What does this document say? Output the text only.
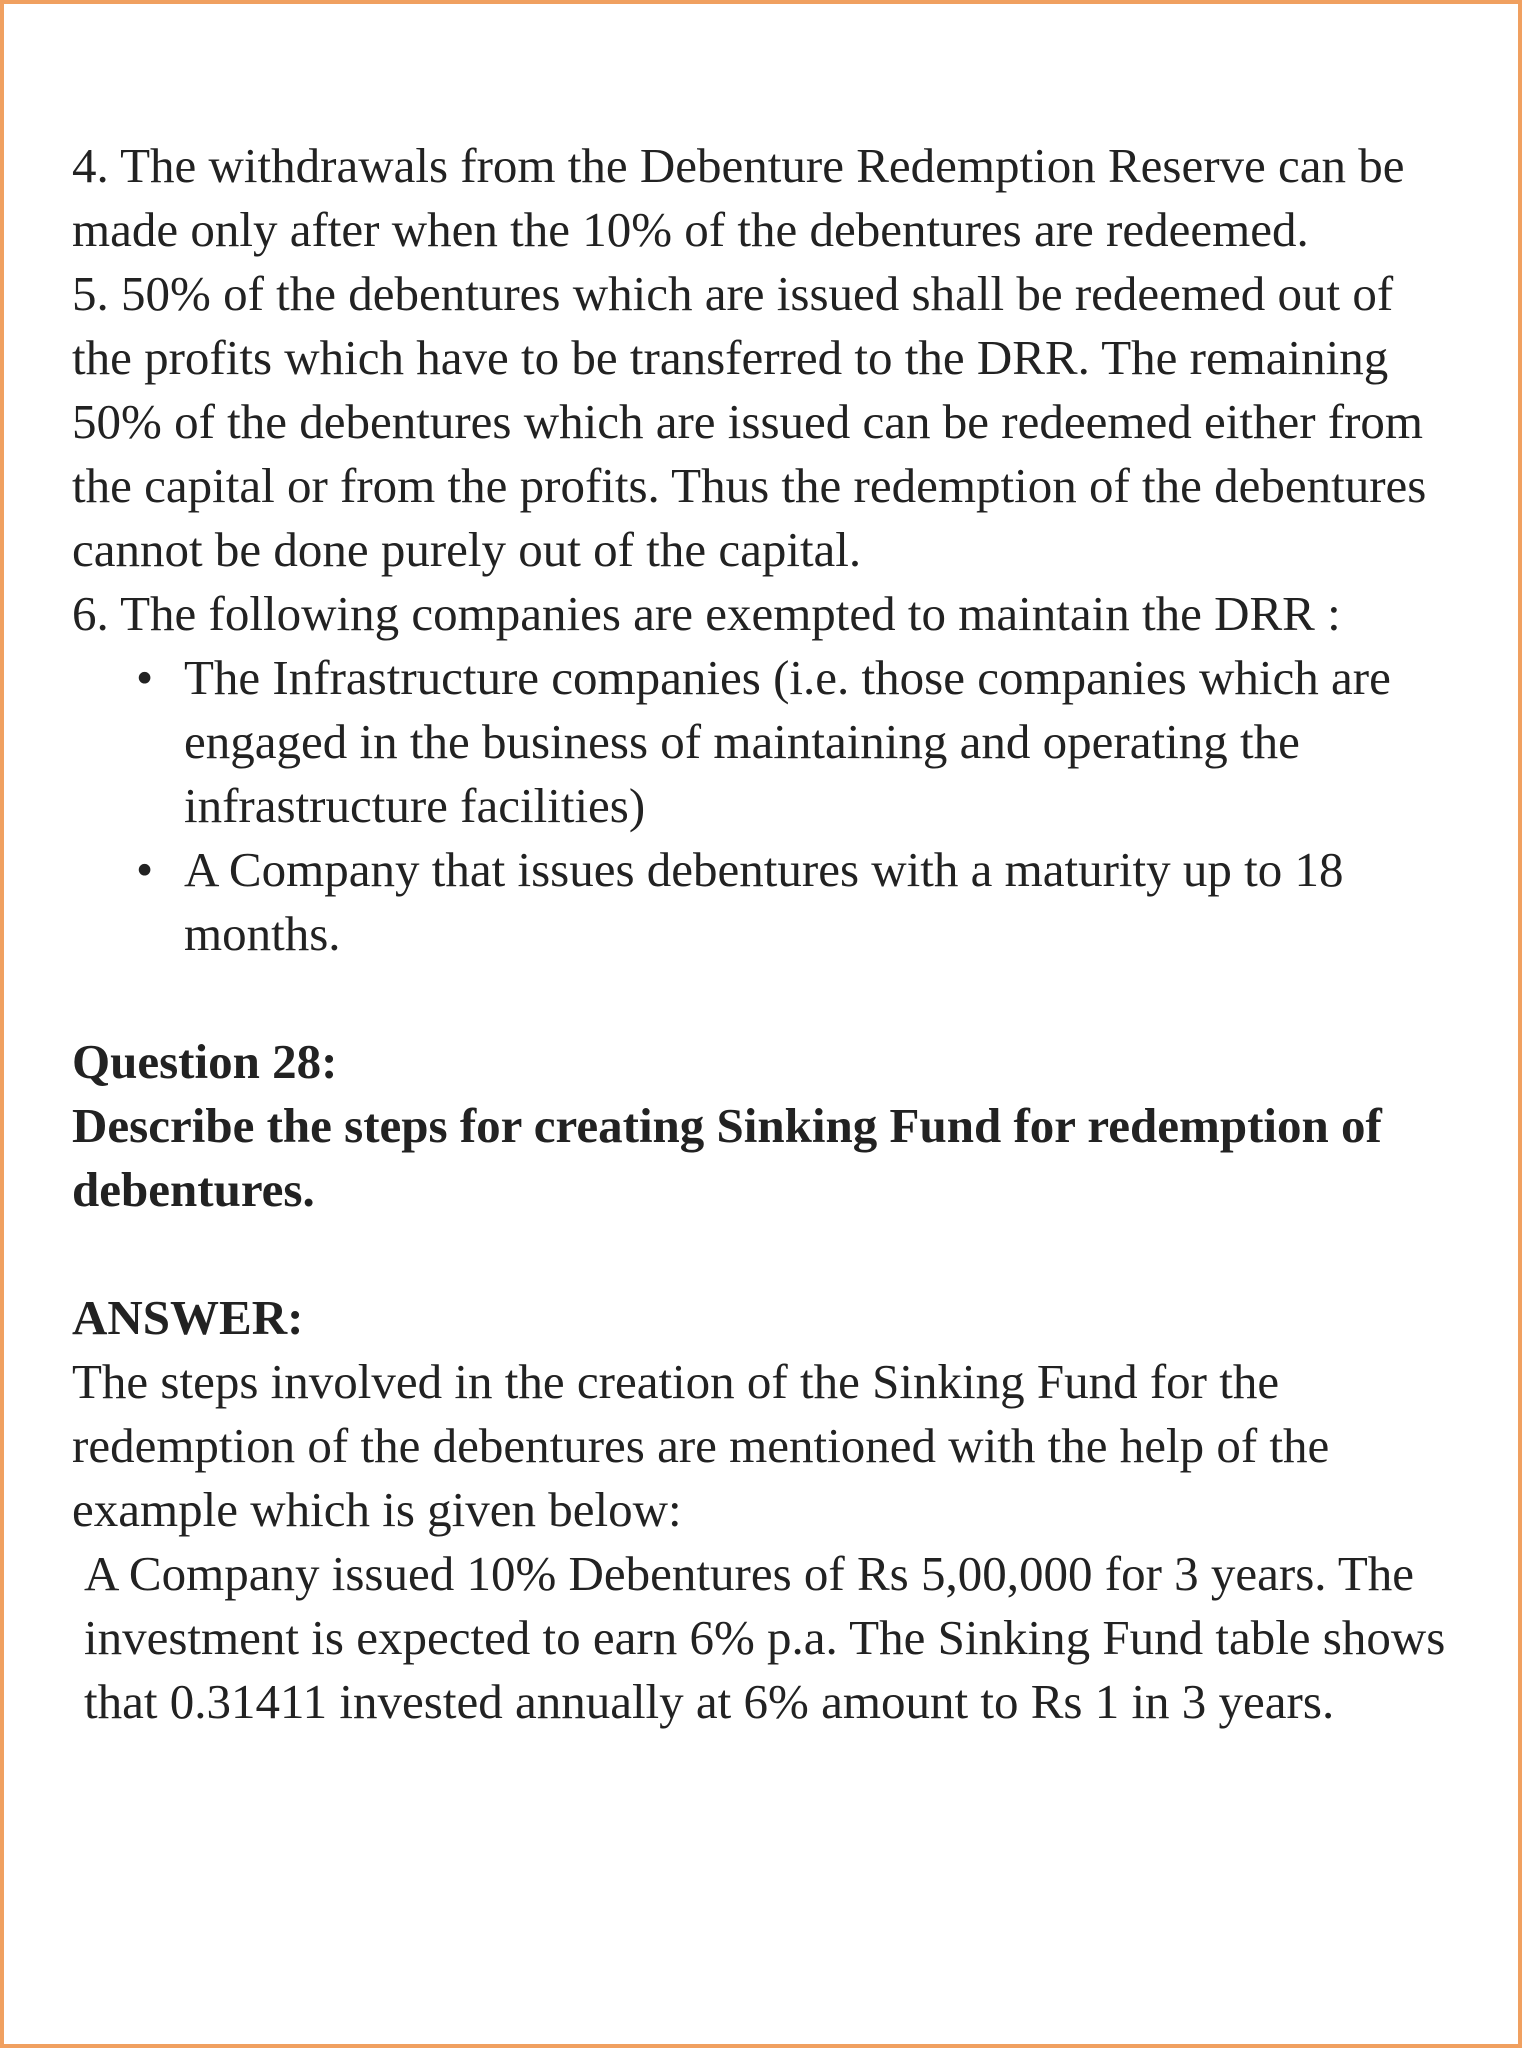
4. The withdrawals from the Debenture Redemption Reserve can be made only after when the 10% of the debentures are redeemed.

5. 50% of the debentures which are issued shall be redeemed out of the profits which have to be transferred to the DRR. The remaining 50% of the debentures which are issued can be redeemed either from the capital or from the profits. Thus the redemption of the debentures cannot be done purely out of the capital.

6. The following companies are exempted to maintain the DRR :

• The Infrastructure companies (i.e. those companies which are engaged in the business of maintaining and operating the infrastructure facilities)
• A Company that issues debentures with a maturity up to 18 months.

Question 28:

Describe the steps for creating Sinking Fund for redemption of debentures.

ANSWER:

The steps involved in the creation of the Sinking Fund for the redemption of the debentures are mentioned with the help of the example which is given below:

A Company issued 10% Debentures of Rs 5,00,000 for 3 years. The investment is expected to earn 6% p.a. The Sinking Fund table shows that 0.31411 invested annually at 6% amount to Rs 1 in 3 years.
